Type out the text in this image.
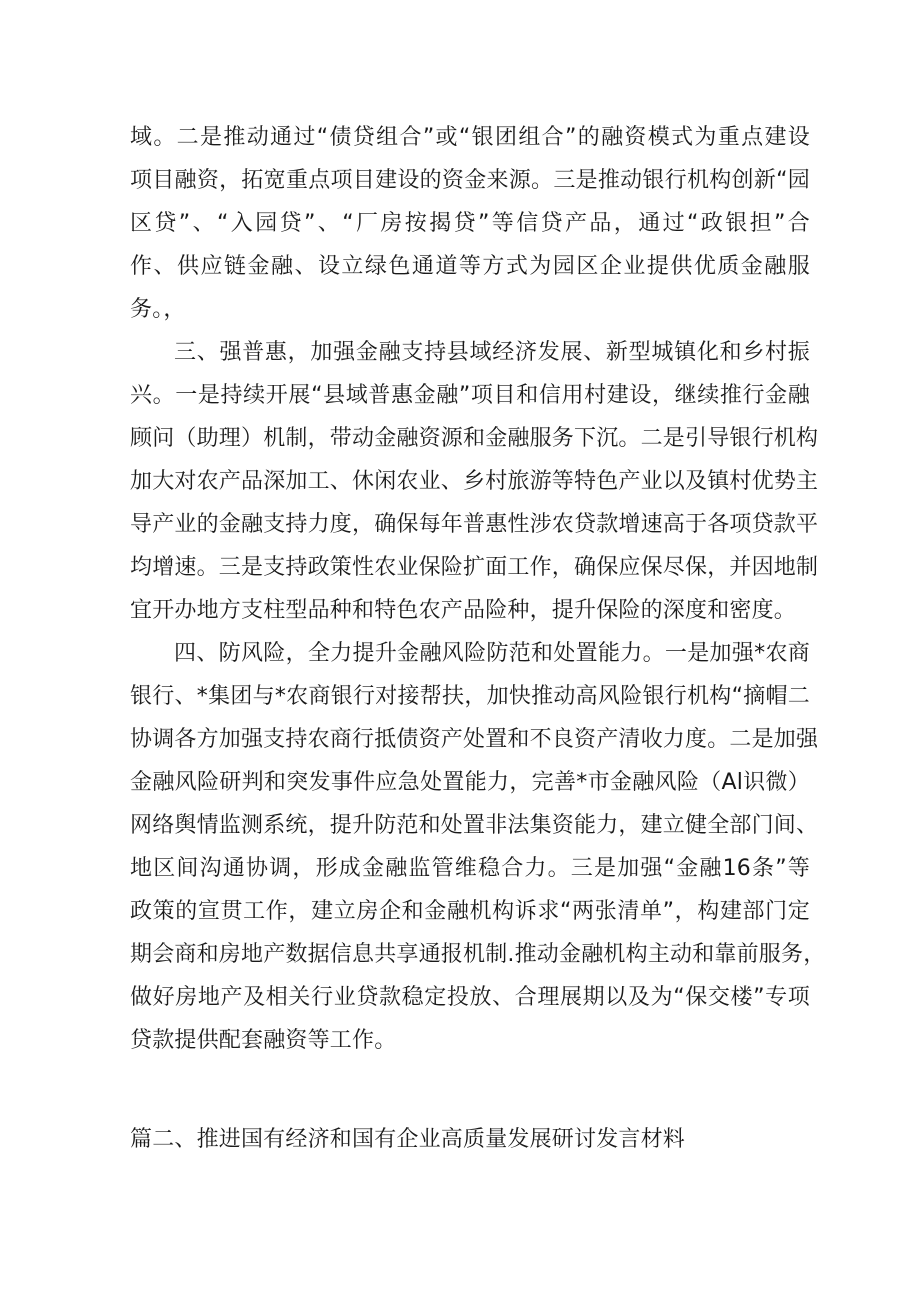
域。二是推动通过“债贷组合”或“银团组合”的融资模式为重点建设
项目融资，拓宽重点项目建设的资金来源。三是推动银行机构创新“园
区贷”、“入园贷”、“厂房按揭贷”等信贷产品，通过“政银担”合
作、供应链金融、设立绿色通道等方式为园区企业提供优质金融服
务。，
三、强普惠，加强金融支持县域经济发展、新型城镇化和乡村振
兴。一是持续开展“县域普惠金融”项目和信用村建设，继续推行金融
顾问（助理）机制，带动金融资源和金融服务下沉。二是引导银行机构
加大对农产品深加工、休闲农业、乡村旅游等特色产业以及镇村优势主
导产业的金融支持力度，确保每年普惠性涉农贷款增速高于各项贷款平
均增速。三是支持政策性农业保险扩面工作，确保应保尽保，并因地制
宜开办地方支柱型品种和特色农产品险种，提升保险的深度和密度。
四、防风险，全力提升金融风险防范和处置能力。一是加强*农商
银行、*集团与*农商银行对接帮扶，加快推动高风险银行机构“摘帽二
协调各方加强支持农商行抵债资产处置和不良资产清收力度。二是加强
金融风险研判和突发事件应急处置能力，完善*市金融风险（Al识微）
网络舆情监测系统，提升防范和处置非法集资能力，建立健全部门间、
地区间沟通协调，形成金融监管维稳合力。三是加强“金融16条”等
政策的宣贯工作，建立房企和金融机构诉求“两张清单”，构建部门定
期会商和房地产数据信息共享通报机制.推动金融机构主动和靠前服务，
做好房地产及相关行业贷款稳定投放、合理展期以及为“保交楼”专项
贷款提供配套融资等工作。
篇二、推进国有经济和国有企业高质量发展研讨发言材料
